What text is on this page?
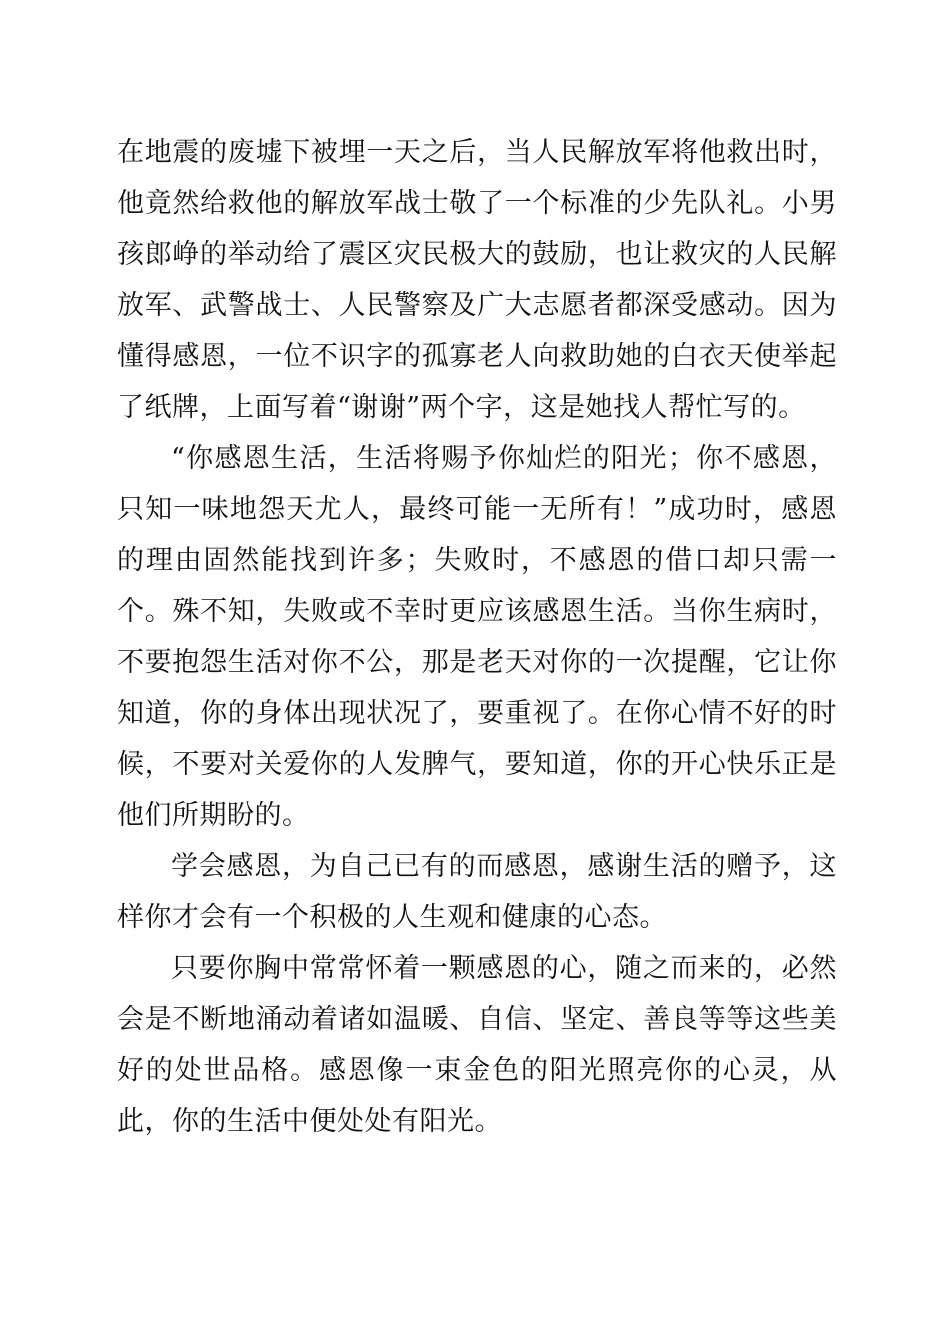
在地震的废墟下被埋一天之后，当人民解放军将他救出时，他竟然给救他的解放军战士敬了一个标准的少先队礼。小男孩郎峥的举动给了震区灾民极大的鼓励，也让救灾的人民解放军、武警战士、人民警察及广大志愿者都深受感动。因为懂得感恩，一位不识字的孤寡老人向救助她的白衣天使举起了纸牌，上面写着“谢谢”两个字，这是她找人帮忙写的。

“你感恩生活，生活将赐予你灿烂的阳光；你不感恩，只知一味地怨天尤人，最终可能一无所有！”成功时，感恩的理由固然能找到许多；失败时，不感恩的借口却只需一个。殊不知，失败或不幸时更应该感恩生活。当你生病时，不要抱怨生活对你不公，那是老天对你的一次提醒，它让你知道，你的身体出现状况了，要重视了。在你心情不好的时候，不要对关爱你的人发脾气，要知道，你的开心快乐正是他们所期盼的。

学会感恩，为自己已有的而感恩，感谢生活的赠予，这样你才会有一个积极的人生观和健康的心态。

只要你胸中常常怀着一颗感恩的心，随之而来的，必然会是不断地涌动着诸如温暖、自信、坚定、善良等等这些美好的处世品格。感恩像一束金色的阳光照亮你的心灵，从此，你的生活中便处处有阳光。
